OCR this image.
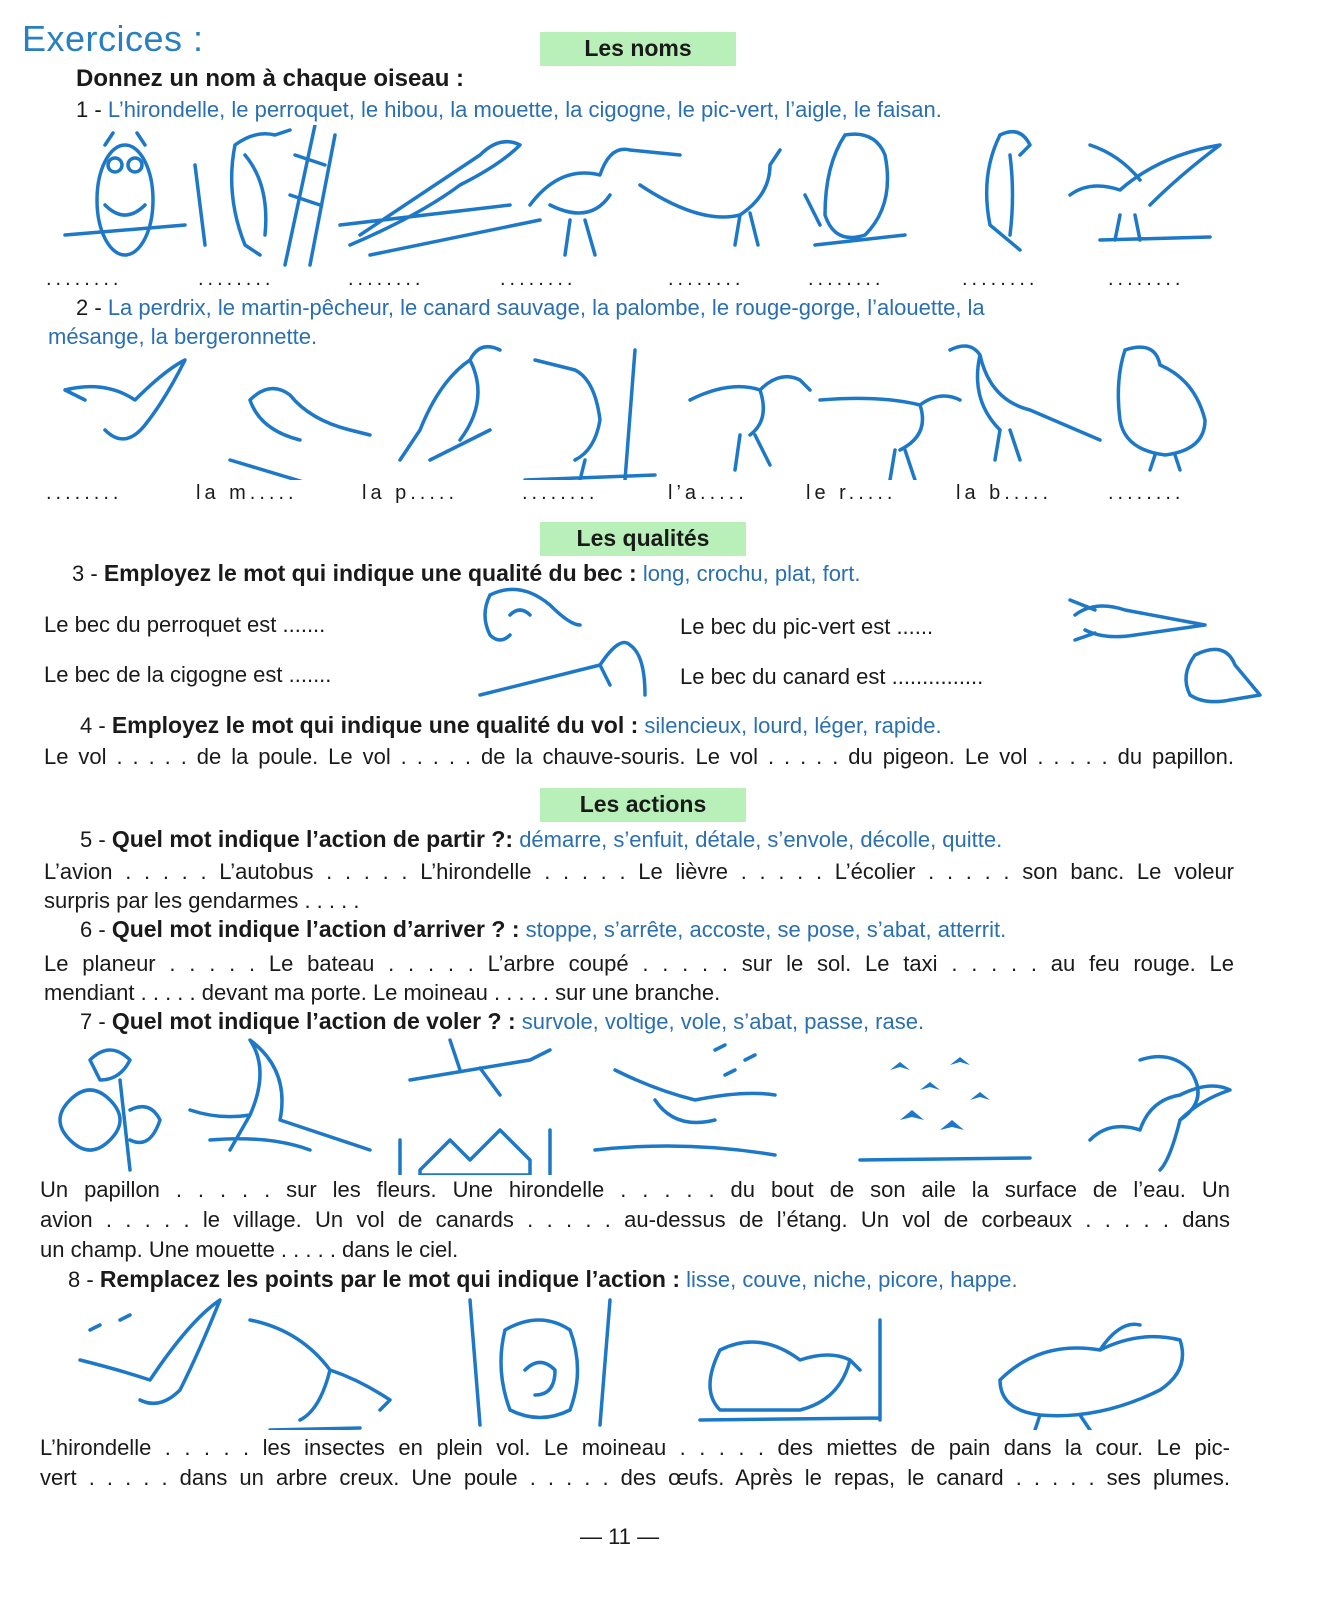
Exercices :	Les noms
Donnez un nom à chaque oiseau :
1 - L’hirondelle, le perroquet, le hibou, la mouette, la cigogne, le pic-vert, l’aigle, le faisan.
........	........	........	........	........	........	........	........
2 - La perdrix, le martin-pêcheur, le canard sauvage, la palombe, le rouge-gorge, l’alouette, la
mésange, la bergeronnette.
........	la m.....	la p.....	........	l’a.....	le r.....	la b.....	........
Les qualités
3 - Employez le mot qui indique une qualité du bec : long, crochu, plat, fort.
Le bec du perroquet est .......
Le bec de la cigogne est .......
Le bec du pic-vert est ......
Le bec du canard est ...............
4 - Employez le mot qui indique une qualité du vol : silencieux, lourd, léger, rapide.
Le vol . . . . . de la poule. Le vol . . . . . de la chauve-souris. Le vol . . . . . du pigeon. Le vol . . . . . du papillon.
Les actions
5 - Quel mot indique l’action de partir ?: démarre, s’enfuit, détale, s’envole, décolle, quitte.
L’avion . . . . . L’autobus . . . . . L’hirondelle . . . . . Le lièvre . . . . . L’écolier . . . . . son banc. Le voleur
surpris par les gendarmes . . . . .
6 - Quel mot indique l’action d’arriver ? : stoppe, s’arrête, accoste, se pose, s’abat, atterrit.
Le planeur . . . . . Le bateau . . . . . L’arbre coupé . . . . . sur le sol. Le taxi . . . . . au feu rouge. Le
mendiant . . . . . devant ma porte. Le moineau . . . . . sur une branche.
7 - Quel mot indique l’action de voler ? : survole, voltige, vole, s’abat, passe, rase.
Un papillon . . . . . sur les fleurs. Une hirondelle . . . . . du bout de son aile la surface de l’eau. Un
avion . . . . . le village. Un vol de canards . . . . . au-dessus de l’étang. Un vol de corbeaux . . . . . dans
un champ. Une mouette . . . . . dans le ciel.
8 - Remplacez les points par le mot qui indique l’action : lisse, couve, niche, picore, happe.
L’hirondelle . . . . . les insectes en plein vol. Le moineau . . . . . des miettes de pain dans la cour. Le pic-
vert . . . . . dans un arbre creux. Une poule . . . . . des œufs. Après le repas, le canard . . . . . ses plumes.
— 11 —
